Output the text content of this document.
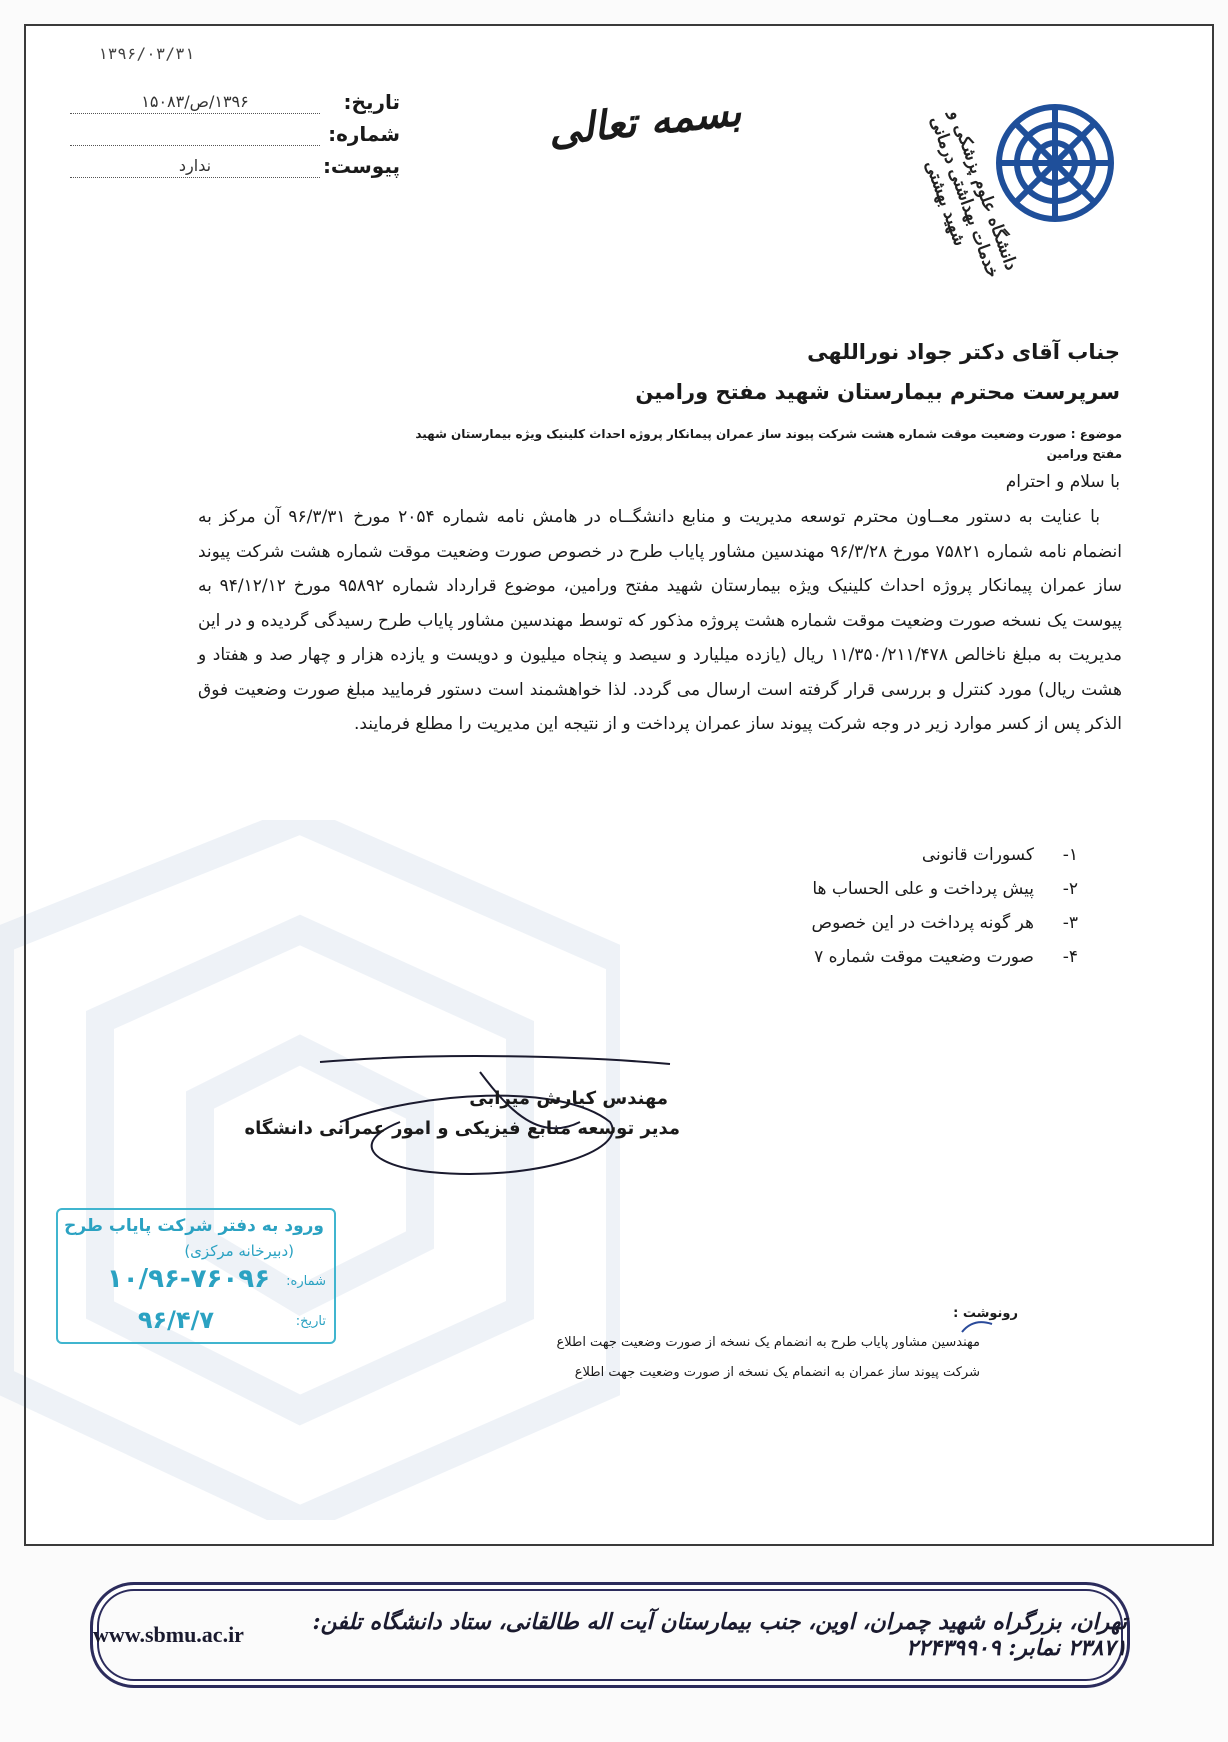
۱۳۹۶/۰۳/۳۱
تاریخ:
۱۳۹۶/ص/۱۵۰۸۳
شماره:
پیوست:
ندارد
بسمه تعالی	دانشگاه علوم پزشکی و خدمات بهداشتی درمانی شهید بهشتی
جناب آقای دکتر جواد نوراللهی
سرپرست محترم بیمارستان شهید مفتح ورامین
موضوع : صورت وضعیت موقت شماره هشت شرکت پیوند ساز عمران پیمانکار پروژه احداث کلینیک ویژه بیمارستان شهید مفتح ورامین
با سلام و احترام

با عنایت به دستور معــاون محترم توسعه مدیریت و منابع دانشگــاه در هامش نامه شماره ۲۰۵۴ مورخ ۹۶/۳/۳۱ آن مرکز به انضمام نامه شماره ۷۵۸۲۱ مورخ ۹۶/۳/۲۸ مهندسین مشاور پایاب طرح در خصوص صورت وضعیت موقت شماره هشت شرکت پیوند ساز عمران پیمانکار پروژه احداث کلینیک ویژه بیمارستان شهید مفتح ورامین، موضوع قرارداد شماره ۹۵۸۹۲ مورخ ۹۴/۱۲/۱۲ به پیوست یک نسخه صورت وضعیت موقت شماره هشت پروژه مذکور که توسط مهندسین مشاور پایاب طرح رسیدگی گردیده و در این مدیریت به مبلغ ناخالص ۱۱/۳۵۰/۲۱۱/۴۷۸ ریال (یازده میلیارد و سیصد و پنجاه میلیون و دویست و یازده هزار و چهار صد و هفتاد و هشت ریال) مورد کنترل و بررسی قرار گرفته است ارسال می گردد. لذا خواهشمند است دستور فرمایید مبلغ صورت وضعیت فوق الذکر پس از کسر موارد زیر در وجه شرکت پیوند ساز عمران پرداخت و از نتیجه این مدیریت را مطلع فرمایند.

۱-
کسورات قانونی
۲-
پیش پرداخت و علی الحساب ها
۳-
هر گونه پرداخت در این خصوص
۴-
صورت وضعیت موقت شماره ۷
مهندس کیارش میرابی
مدیر توسعه منابع فیزیکی و امور عمرانی دانشگاه
ورود به دفتر شرکت پایاب طرح
(دبیرخانه مرکزی)
شماره:
۱۰/۹۶-۷۶۰۹۶
تاریخ:
۹۶/۴/۷	رونوشت :
مهندسین مشاور پایاب طرح به انضمام یک نسخه از صورت وضعیت جهت اطلاع
شرکت پیوند ساز عمران به انضمام یک نسخه از صورت وضعیت جهت اطلاع
www.sbmu.ac.ir	تهران، بزرگراه شهید چمران، اوین، جنب بیمارستان آیت اله طالقانی، ستاد دانشگاه تلفن: ۲۳۸۷۱ نمابر: ۲۲۴۳۹۹۰۹
